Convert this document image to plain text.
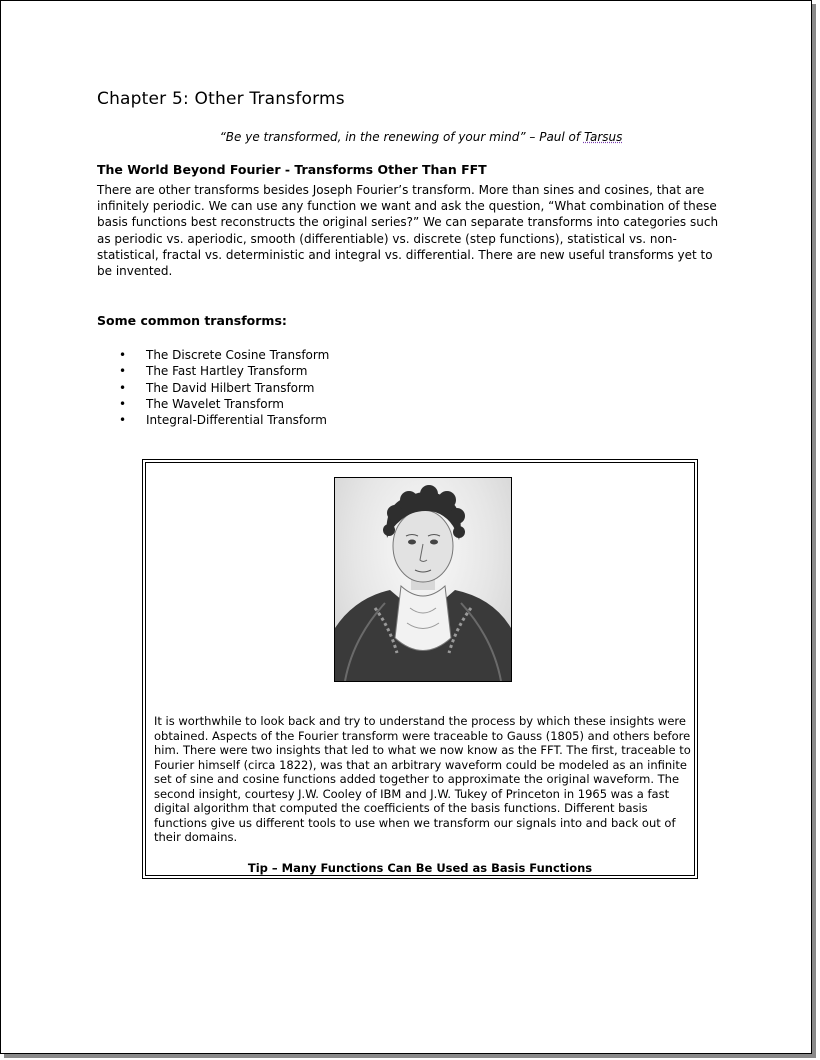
Chapter 5: Other Transforms
“Be ye transformed, in the renewing of your mind” – Paul of Tarsus
The World Beyond Fourier - Transforms Other Than FFT

There are other transforms besides Joseph Fourier’s transform. More than sines and cosines, that are infinitely periodic. We can use any function we want and ask the question, “What combination of these basis functions best reconstructs the original series?” We can separate transforms into categories such as periodic vs. aperiodic, smooth (differentiable) vs. discrete (step functions), statistical vs. non-statistical, fractal vs. deterministic and integral vs. differential. There are new useful transforms yet to be invented.

Some common transforms:
• The Discrete Cosine Transform
• The Fast Hartley Transform
• The David Hilbert Transform
• The Wavelet Transform
• Integral-Differential Transform

It is worthwhile to look back and try to understand the process by which these insights were obtained. Aspects of the Fourier transform were traceable to Gauss (1805) and others before him. There were two insights that led to what we now know as the FFT. The first, traceable to Fourier himself (circa 1822), was that an arbitrary waveform could be modeled as an infinite set of sine and cosine functions added together to approximate the original waveform. The second insight, courtesy J.W. Cooley of IBM and J.W. Tukey of Princeton in 1965 was a fast digital algorithm that computed the coefficients of the basis functions. Different basis functions give us different tools to use when we transform our signals into and back out of their domains.

Tip – Many Functions Can Be Used as Basis Functions
